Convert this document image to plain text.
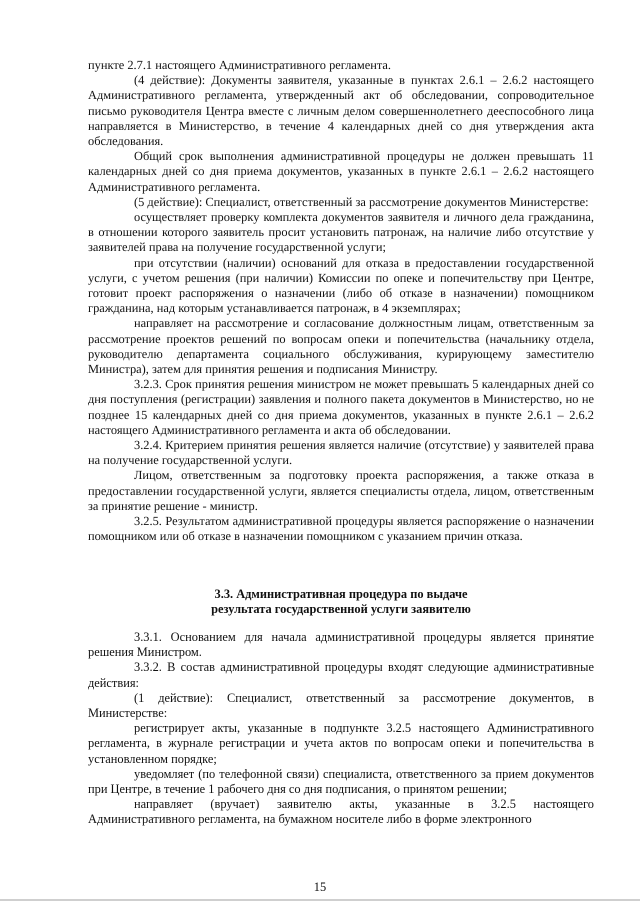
пункте 2.7.1 настоящего Административного регламента.

(4 действие): Документы заявителя, указанные в пунктах 2.6.1 – 2.6.2 настоящего Административного регламента, утвержденный акт об обследовании, сопроводительное письмо руководителя Центра вместе с личным делом совершеннолетнего дееспособного лица направляется в Министерство, в течение 4 календарных дней со дня утверждения акта обследования.

Общий срок выполнения административной процедуры не должен превышать 11 календарных дней со дня приема документов, указанных в пункте 2.6.1 – 2.6.2 настоящего Административного регламента.

(5 действие): Специалист, ответственный за рассмотрение документов Министерстве:

осуществляет проверку комплекта документов заявителя и личного дела гражданина, в отношении которого заявитель просит установить патронаж, на наличие либо отсутствие у заявителей права на получение государственной услуги;

при отсутствии (наличии) оснований для отказа в предоставлении государственной услуги, с учетом решения (при наличии) Комиссии по опеке и попечительству при Центре, готовит проект распоряжения о назначении (либо об отказе в назначении) помощником гражданина, над которым устанавливается патронаж, в 4 экземплярах;

направляет на рассмотрение и согласование должностным лицам, ответственным за рассмотрение проектов решений по вопросам опеки и попечительства (начальнику отдела, руководителю департамента социального обслуживания, курирующему заместителю Министра), затем для принятия решения и подписания Министру.

3.2.3. Срок принятия решения министром не может превышать 5 календарных дней со дня поступления (регистрации) заявления и полного пакета документов в Министерство, но не позднее 15 календарных дней со дня приема документов, указанных в пункте 2.6.1 – 2.6.2 настоящего Административного регламента и акта об обследовании.

3.2.4. Критерием принятия решения является наличие (отсутствие) у заявителей права на получение государственной услуги.

Лицом, ответственным за подготовку проекта распоряжения, а также отказа в предоставлении государственной услуги, является специалисты отдела, лицом, ответственным за принятие решение - министр.

3.2.5. Результатом административной процедуры является распоряжение о назначении помощником или об отказе в назначении помощником с указанием причин отказа.

3.3. Административная процедура по выдаче
результата государственной услуги заявителю

3.3.1. Основанием для начала административной процедуры является принятие решения Министром.

3.3.2. В состав административной процедуры входят следующие административные действия:

(1 действие): Специалист, ответственный за рассмотрение документов, в Министерстве:

регистрирует акты, указанные в подпункте 3.2.5 настоящего Административного регламента, в журнале регистрации и учета актов по вопросам опеки и попечительства в установленном порядке;

уведомляет (по телефонной связи) специалиста, ответственного за прием документов при Центре, в течение 1 рабочего дня со дня подписания, о принятом решении;

направляет (вручает) заявителю акты, указанные в 3.2.5 настоящего Административного регламента, на бумажном носителе либо в форме электронного

15
